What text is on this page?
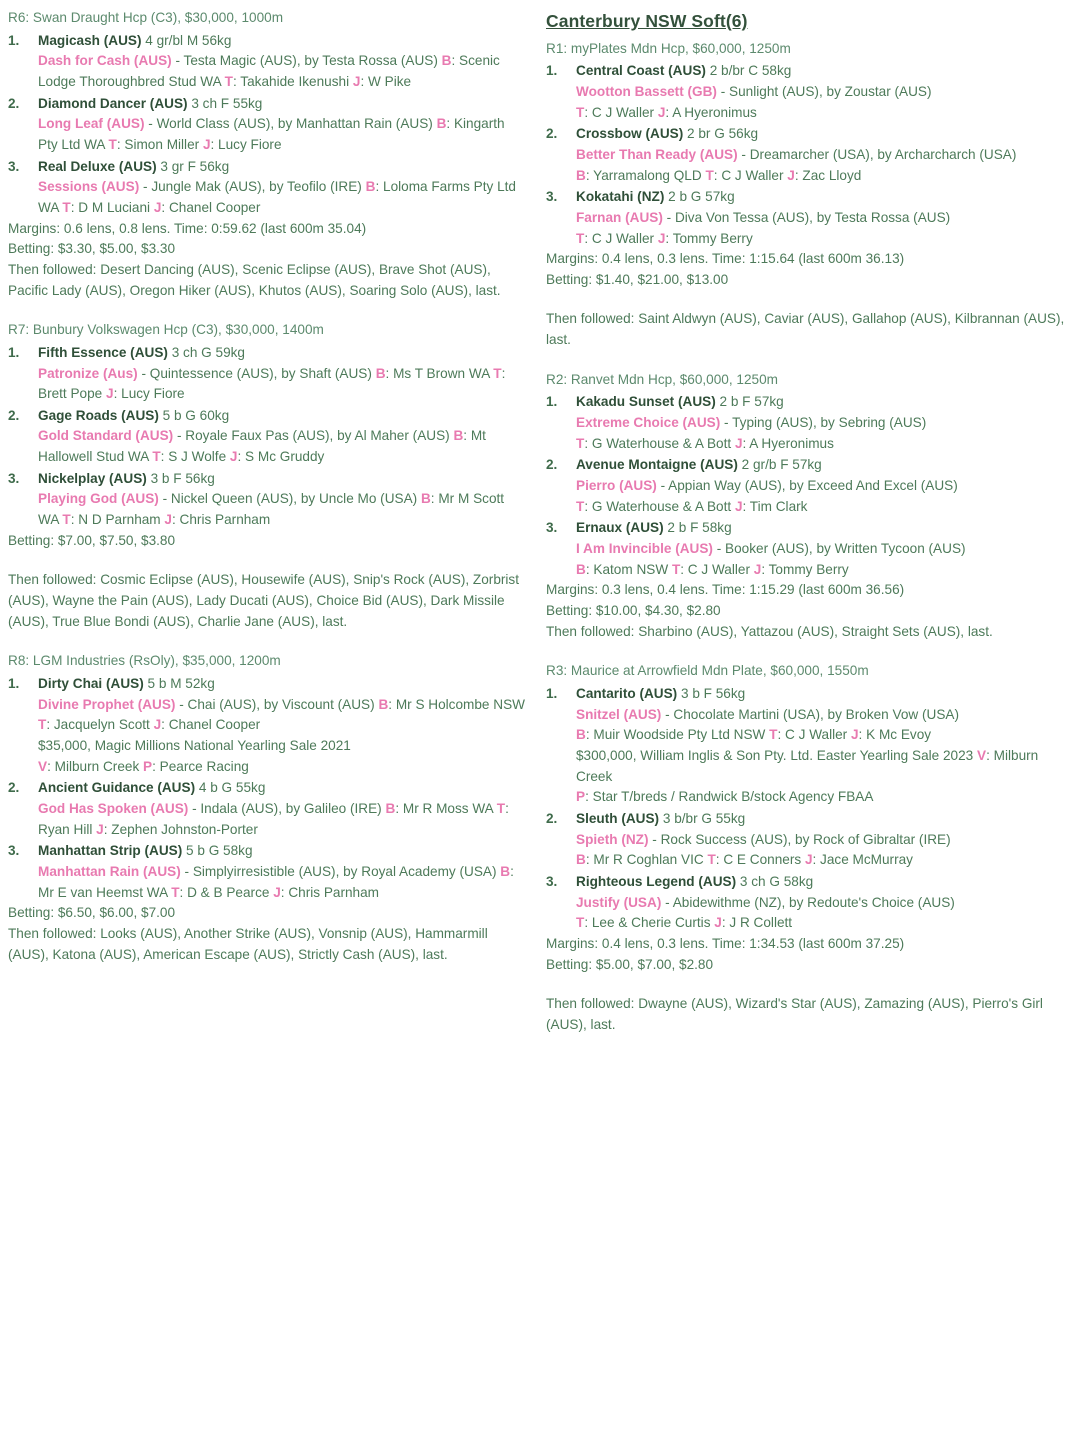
R6: Swan Draught Hcp (C3), $30,000, 1000m

1.	Magicash (AUS) 4 gr/bl M 56kg

Dash for Cash (AUS) - Testa Magic (AUS), by Testa Rossa (AUS) B: Scenic Lodge Thoroughbred Stud WA T: Takahide Ikenushi J: W Pike

2.	Diamond Dancer (AUS) 3 ch F 55kg

Long Leaf (AUS) - World Class (AUS), by Manhattan Rain (AUS) B: Kingarth Pty Ltd WA T: Simon Miller J: Lucy Fiore

3.	Real Deluxe (AUS) 3 gr F 56kg

Sessions (AUS) - Jungle Mak (AUS), by Teofilo (IRE) B: Loloma Farms Pty Ltd WA T: D M Luciani J: Chanel Cooper

Margins: 0.6 lens, 0.8 lens. Time: 0:59.62 (last 600m 35.04)

Betting: $3.30, $5.00, $3.30

Then followed: Desert Dancing (AUS), Scenic Eclipse (AUS), Brave Shot (AUS), Pacific Lady (AUS), Oregon Hiker (AUS), Khutos (AUS), Soaring Solo (AUS), last.

R7: Bunbury Volkswagen Hcp (C3), $30,000, 1400m

1.	Fifth Essence (AUS) 3 ch G 59kg

Patronize (Aus) - Quintessence (AUS), by Shaft (AUS) B: Ms T Brown WA T: Brett Pope J: Lucy Fiore

2.	Gage Roads (AUS) 5 b G 60kg

Gold Standard (AUS) - Royale Faux Pas (AUS), by Al Maher (AUS) B: Mt Hallowell Stud WA T: S J Wolfe J: S Mc Gruddy

3.	Nickelplay (AUS) 3 b F 56kg

Playing God (AUS) - Nickel Queen (AUS), by Uncle Mo (USA) B: Mr M Scott WA T: N D Parnham J: Chris Parnham

Betting: $7.00, $7.50, $3.80

Then followed: Cosmic Eclipse (AUS), Housewife (AUS), Snip's Rock (AUS), Zorbrist (AUS), Wayne the Pain (AUS), Lady Ducati (AUS), Choice Bid (AUS), Dark Missile (AUS), True Blue Bondi (AUS), Charlie Jane (AUS), last.

R8: LGM Industries (RsOly), $35,000, 1200m

1.	Dirty Chai (AUS) 5 b M 52kg

Divine Prophet (AUS) - Chai (AUS), by Viscount (AUS) B: Mr S Holcombe NSW T: Jacquelyn Scott J: Chanel Cooper

$35,000, Magic Millions National Yearling Sale 2021

V: Milburn Creek P: Pearce Racing

2.	Ancient Guidance (AUS) 4 b G 55kg

God Has Spoken (AUS) - Indala (AUS), by Galileo (IRE) B: Mr R Moss WA T: Ryan Hill J: Zephen Johnston-Porter

3.	Manhattan Strip (AUS) 5 b G 58kg

Manhattan Rain (AUS) - Simplyirresistible (AUS), by Royal Academy (USA) B: Mr E van Heemst WA T: D & B Pearce J: Chris Parnham

Betting: $6.50, $6.00, $7.00

Then followed: Looks (AUS), Another Strike (AUS), Vonsnip (AUS), Hammarmill (AUS), Katona (AUS), American Escape (AUS), Strictly Cash (AUS), last.

Canterbury NSW Soft(6)

R1: myPlates Mdn Hcp, $60,000, 1250m

1.	Central Coast (AUS) 2 b/br C 58kg

Wootton Bassett (GB) - Sunlight (AUS), by Zoustar (AUS)

T: C J Waller J: A Hyeronimus

2.	Crossbow (AUS) 2 br G 56kg

Better Than Ready (AUS) - Dreamarcher (USA), by Archarcharch (USA)

B: Yarramalong QLD T: C J Waller J: Zac Lloyd

3.	Kokatahi (NZ) 2 b G 57kg

Farnan (AUS) - Diva Von Tessa (AUS), by Testa Rossa (AUS)

T: C J Waller J: Tommy Berry

Margins: 0.4 lens, 0.3 lens. Time: 1:15.64 (last 600m 36.13)

Betting: $1.40, $21.00, $13.00

Then followed: Saint Aldwyn (AUS), Caviar (AUS), Gallahop (AUS), Kilbrannan (AUS), last.

R2: Ranvet Mdn Hcp, $60,000, 1250m

1.	Kakadu Sunset (AUS) 2 b F 57kg

Extreme Choice (AUS) - Typing (AUS), by Sebring (AUS)

T: G Waterhouse & A Bott J: A Hyeronimus

2.	Avenue Montaigne (AUS) 2 gr/b F 57kg

Pierro (AUS) - Appian Way (AUS), by Exceed And Excel (AUS)

T: G Waterhouse & A Bott J: Tim Clark

3.	Ernaux (AUS) 2 b F 58kg

I Am Invincible (AUS) - Booker (AUS), by Written Tycoon (AUS)

B: Katom NSW T: C J Waller J: Tommy Berry

Margins: 0.3 lens, 0.4 lens. Time: 1:15.29 (last 600m 36.56)

Betting: $10.00, $4.30, $2.80

Then followed: Sharbino (AUS), Yattazou (AUS), Straight Sets (AUS), last.

R3: Maurice at Arrowfield Mdn Plate, $60,000, 1550m

1.	Cantarito (AUS) 3 b F 56kg

Snitzel (AUS) - Chocolate Martini (USA), by Broken Vow (USA)

B: Muir Woodside Pty Ltd NSW T: C J Waller J: K Mc Evoy

$300,000, William Inglis & Son Pty. Ltd. Easter Yearling Sale 2023 V: Milburn Creek

P: Star T/breds / Randwick B/stock Agency FBAA

2.	Sleuth (AUS) 3 b/br G 55kg

Spieth (NZ) - Rock Success (AUS), by Rock of Gibraltar (IRE)

B: Mr R Coghlan VIC T: C E Conners J: Jace McMurray

3.	Righteous Legend (AUS) 3 ch G 58kg

Justify (USA) - Abidewithme (NZ), by Redoute's Choice (AUS)

T: Lee & Cherie Curtis J: J R Collett

Margins: 0.4 lens, 0.3 lens. Time: 1:34.53 (last 600m 37.25)

Betting: $5.00, $7.00, $2.80

Then followed: Dwayne (AUS), Wizard's Star (AUS), Zamazing (AUS), Pierro's Girl (AUS), last.
